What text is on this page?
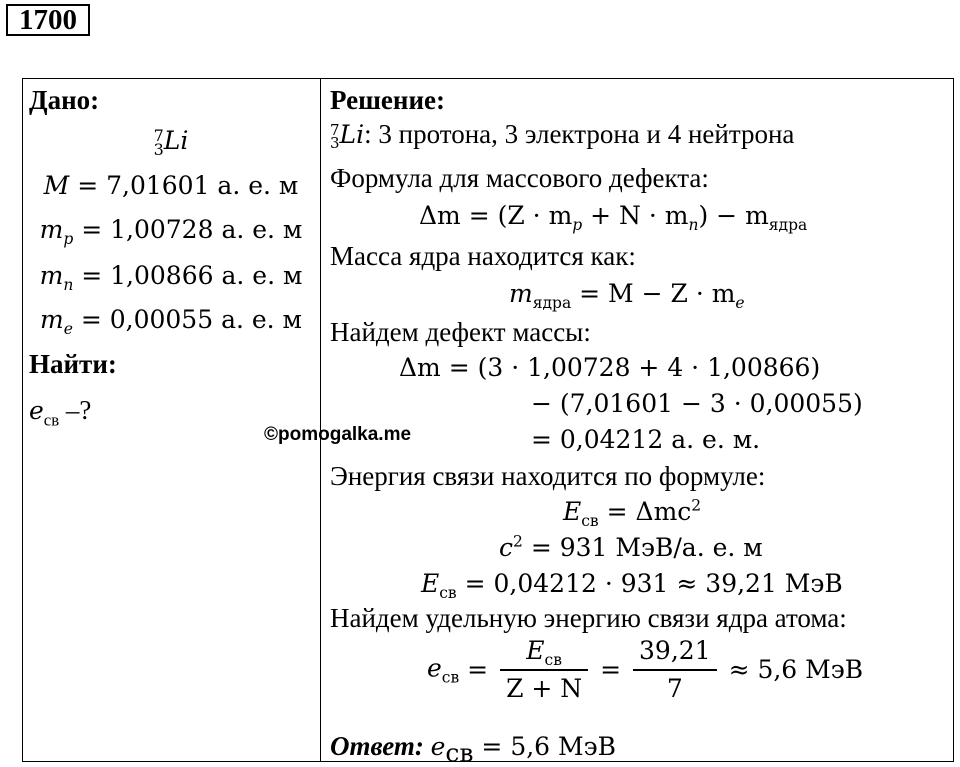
1700
Дано:
7
3Li
M = 7,01601 а. е. м
$m_p = 1,00728$ а. е. м
$m_n = 1,00866$ а. е. м
$m_e = 0,00055$ а. е. м
Найти:
$e_{св}$ –?
Решение:
7
3Li: 3 протона, 3 электрона и 4 нейтрона
Формула для массового дефекта:
$\Delta m = (Z \cdot m_p + N \cdot m_n) - m_{ядра}$
Масса ядра находится как:
$m_{ядра} = M - Z \cdot m_e$
Найдем дефект массы:
Δm = (3 · 1,00728 + 4 · 1,00866)
− (7,01601 − 3 · 0,00055)
= 0,04212 а. е. м.
Энергия связи находится по формуле:
$E_{св} = \Delta mc^2$
$c^2 = 931$ МэВ/а. е. м
$E_{св} = 0,04212 \cdot 931 \approx 39,21$ МэВ
Найдем удельную энергию связи ядра атома:
$e_{св} = \frac{E_{св}}{Z + N} = \frac{39,21}{7} \approx 5,6$ МэВ
Ответ: $e_{св} = 5,6$ МэВ
©pomogalka.me
